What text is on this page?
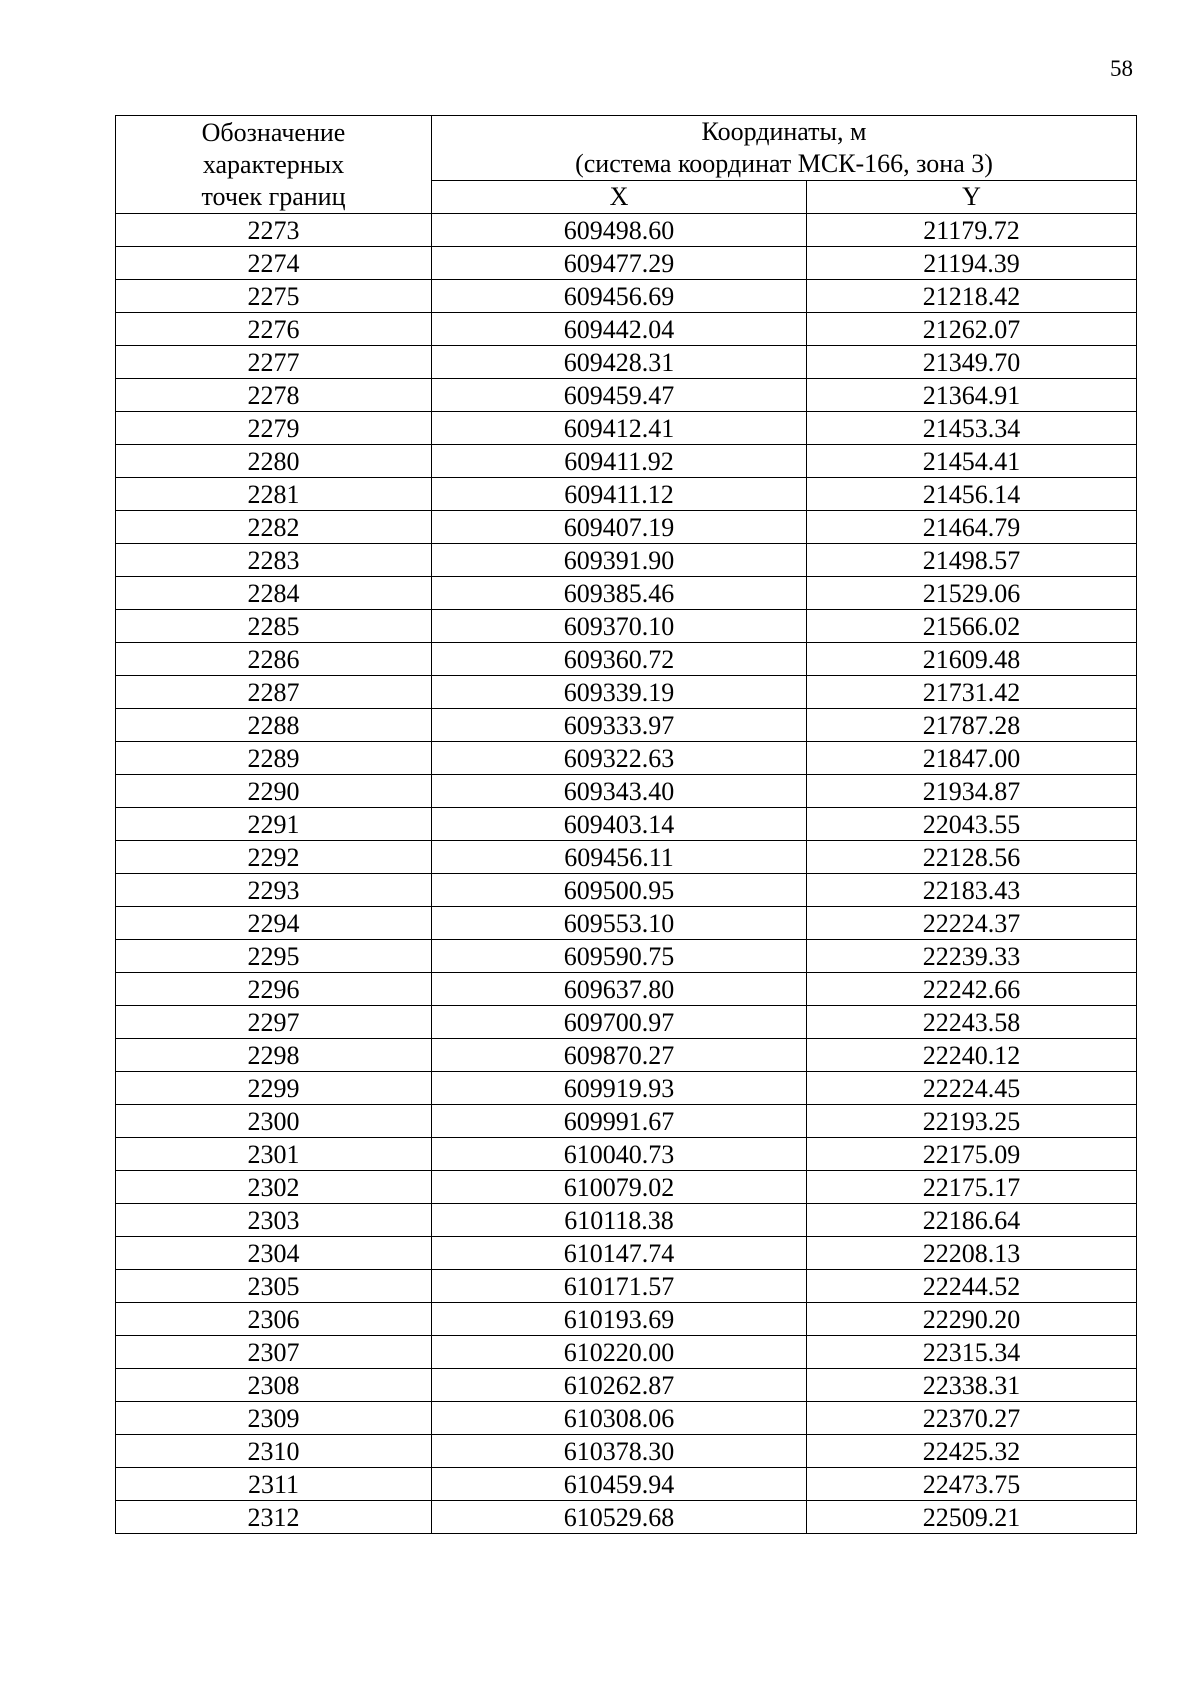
58
Обозначение
характерных
точек границ	Координаты, м
(система координат МСК-166, зона 3)	

	X	Y
2273	609498.60	21179.72
2274	609477.29	21194.39
2275	609456.69	21218.42
2276	609442.04	21262.07
2277	609428.31	21349.70
2278	609459.47	21364.91
2279	609412.41	21453.34
2280	609411.92	21454.41
2281	609411.12	21456.14
2282	609407.19	21464.79
2283	609391.90	21498.57
2284	609385.46	21529.06
2285	609370.10	21566.02
2286	609360.72	21609.48
2287	609339.19	21731.42
2288	609333.97	21787.28
2289	609322.63	21847.00
2290	609343.40	21934.87
2291	609403.14	22043.55
2292	609456.11	22128.56
2293	609500.95	22183.43
2294	609553.10	22224.37
2295	609590.75	22239.33
2296	609637.80	22242.66
2297	609700.97	22243.58
2298	609870.27	22240.12
2299	609919.93	22224.45
2300	609991.67	22193.25
2301	610040.73	22175.09
2302	610079.02	22175.17
2303	610118.38	22186.64
2304	610147.74	22208.13
2305	610171.57	22244.52
2306	610193.69	22290.20
2307	610220.00	22315.34
2308	610262.87	22338.31
2309	610308.06	22370.27
2310	610378.30	22425.32
2311	610459.94	22473.75
2312	610529.68	22509.21
